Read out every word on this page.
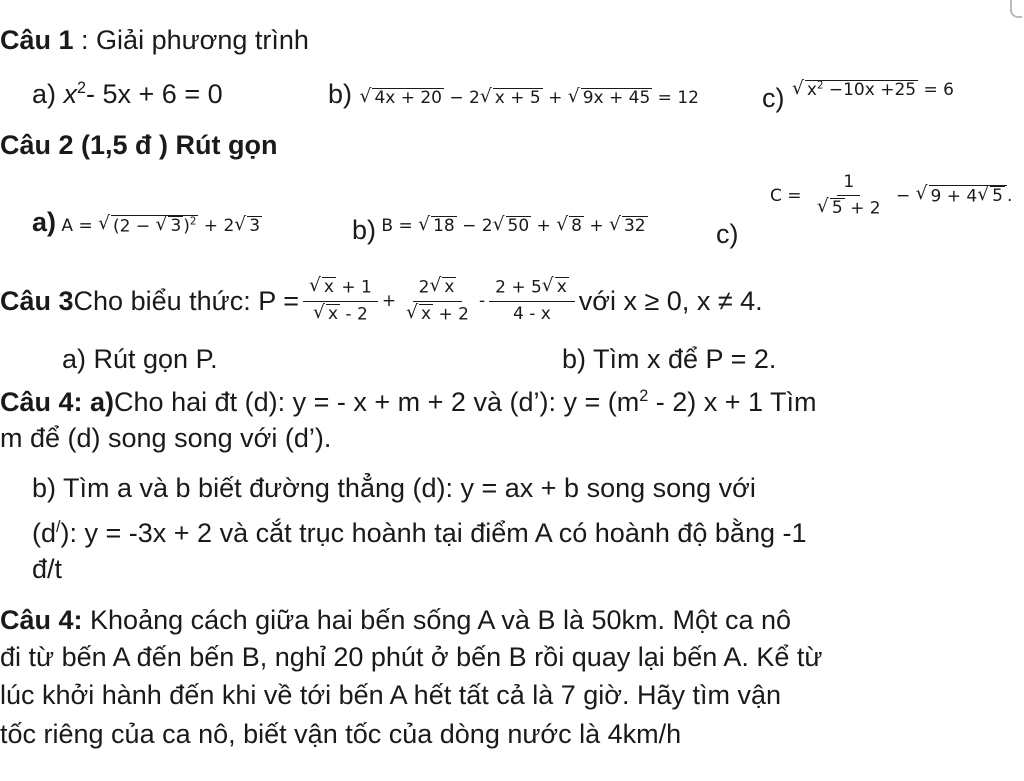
Câu 1 : Giải phương trình
a) $x^2-$ 5x + 6 = 0	b) √ 4x + 20 − 2 √ x + 5 + √ 9x + 45 = 12 c) $^{√ x^2 -10x +25 = 6}$
Câu 2 (1,5 đ ) Rút gọn
a) A = √ (2 − √ 3 )$^2$ + 2 √ 3	b) $^{B = √ 18 - 2 √ 50 + √ 8 + √ 32}$	c)
$C = \frac{1}{√ 5 + 2}$ − √ 9 + 4 √ 5 .
Câu 3 Cho biểu thức: $P = \frac{√ x + 1}{√ x - 2} + \frac{2 √ x}{√ x + 2} - \frac{2 + 5 √ x}{4 - x}$ với x ≥ 0, x ≠ 4.
a) Rút gọn P.	b) Tìm x để P = 2.
Câu 4: a)Cho hai đt (d): y = - x + m + 2 và (d’): $y = (m^2 - 2) x + 1$ Tìm
m để (d) song song với (d’).
b) Tìm a và b biết đường thẳng (d): y = ax + b song song với
(d/): y = -3x + 2 và cắt trục hoành tại điểm A có hoành độ bằng -1
đ/t
Câu 4: Khoảng cách giữa hai bến sống A và B là 50km. Một ca nô
đi từ bến A đến bến B, nghỉ 20 phút ở bến B rồi quay lại bến A. Kể từ
lúc khởi hành đến khi về tới bến A hết tất cả là 7 giờ. Hãy tìm vận
tốc riêng của ca nô, biết vận tốc của dòng nước là 4km/h
